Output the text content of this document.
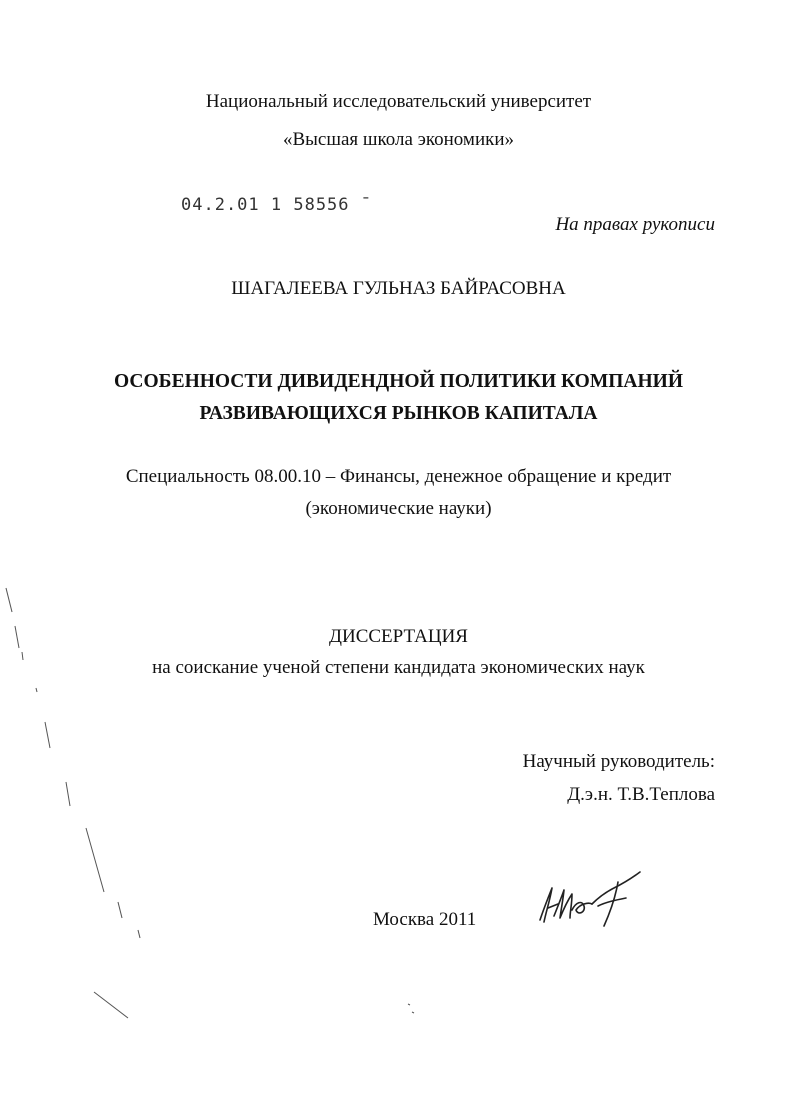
Национальный исследовательский университет
«Высшая школа экономики»
04.2.01 1 58556 ˉ
На правах рукописи
ШАГАЛЕЕВА ГУЛЬНАЗ БАЙРАСОВНА
ОСОБЕННОСТИ ДИВИДЕНДНОЙ ПОЛИТИКИ КОМПАНИЙ
РАЗВИВАЮЩИХСЯ РЫНКОВ КАПИТАЛА
Специальность 08.00.10 – Финансы, денежное обращение и кредит
(экономические науки)
ДИССЕРТАЦИЯ
на соискание ученой степени кандидата экономических наук
Научный руководитель:
Д.э.н. Т.В.Теплова
Москва 2011
